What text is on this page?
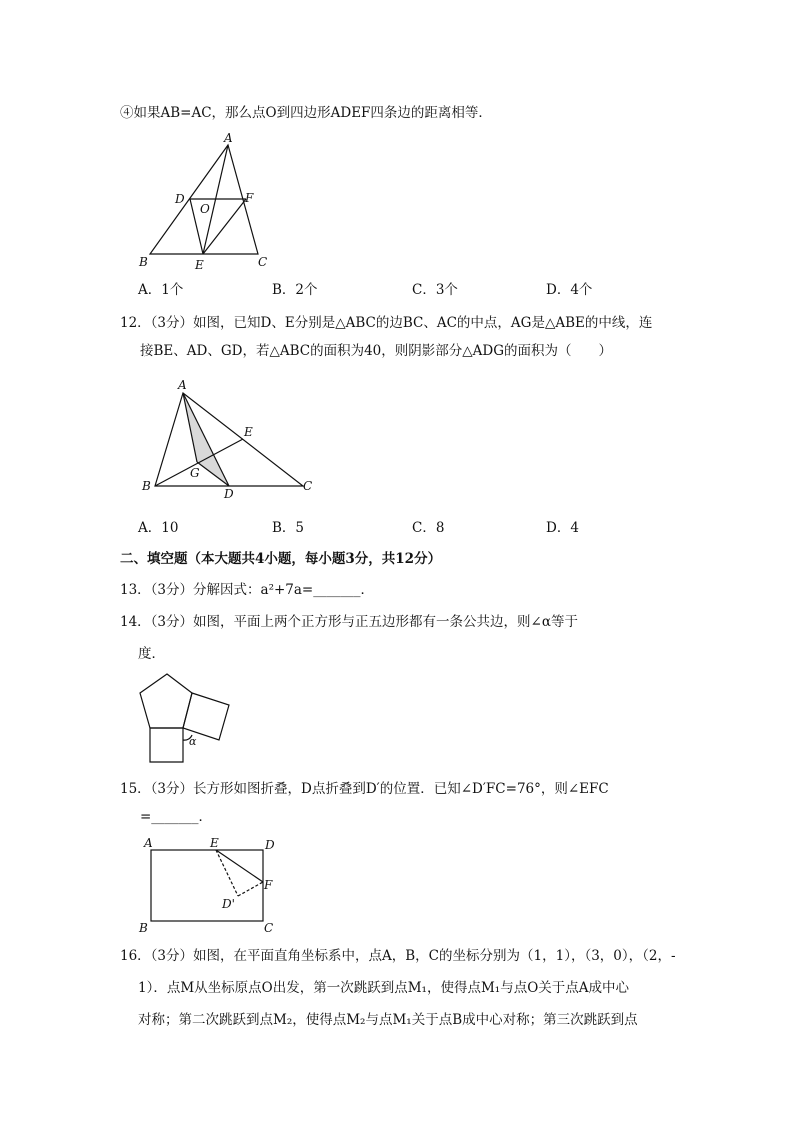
④如果AB=AC，那么点O到四边形ADEF四条边的距离相等．
A
D
O
F
B	E	C
A．1个	B．2个	C．3个	D．4个
12．（3分）如图，已知D、E分别是△ABC的边BC、AC的中点，AG是△ABE的中线，连
接BE、AD、GD，若△ABC的面积为40，则阴影部分△ADG的面积为（　　）
A
E
G
B
D
C
A．10	B．5	C．8	D．4
二、填空题（本大题共4小题，每小题3分，共12分）
13．（3分）分解因式：a²+7a=_______．
14．（3分）如图，平面上两个正方形与正五边形都有一条公共边，则∠α等于
度．
α
15．（3分）长方形如图折叠，D点折叠到D′的位置．已知∠D′FC=76°，则∠EFC
=_______．
A	E	D
F
D'
B	C
16．（3分）如图，在平面直角坐标系中，点A，B，C的坐标分别为（1，1），（3，0），（2，-
1）．点M从坐标原点O出发，第一次跳跃到点M₁，使得点M₁与点O关于点A成中心
对称；第二次跳跃到点M₂，使得点M₂与点M₁关于点B成中心对称；第三次跳跃到点
